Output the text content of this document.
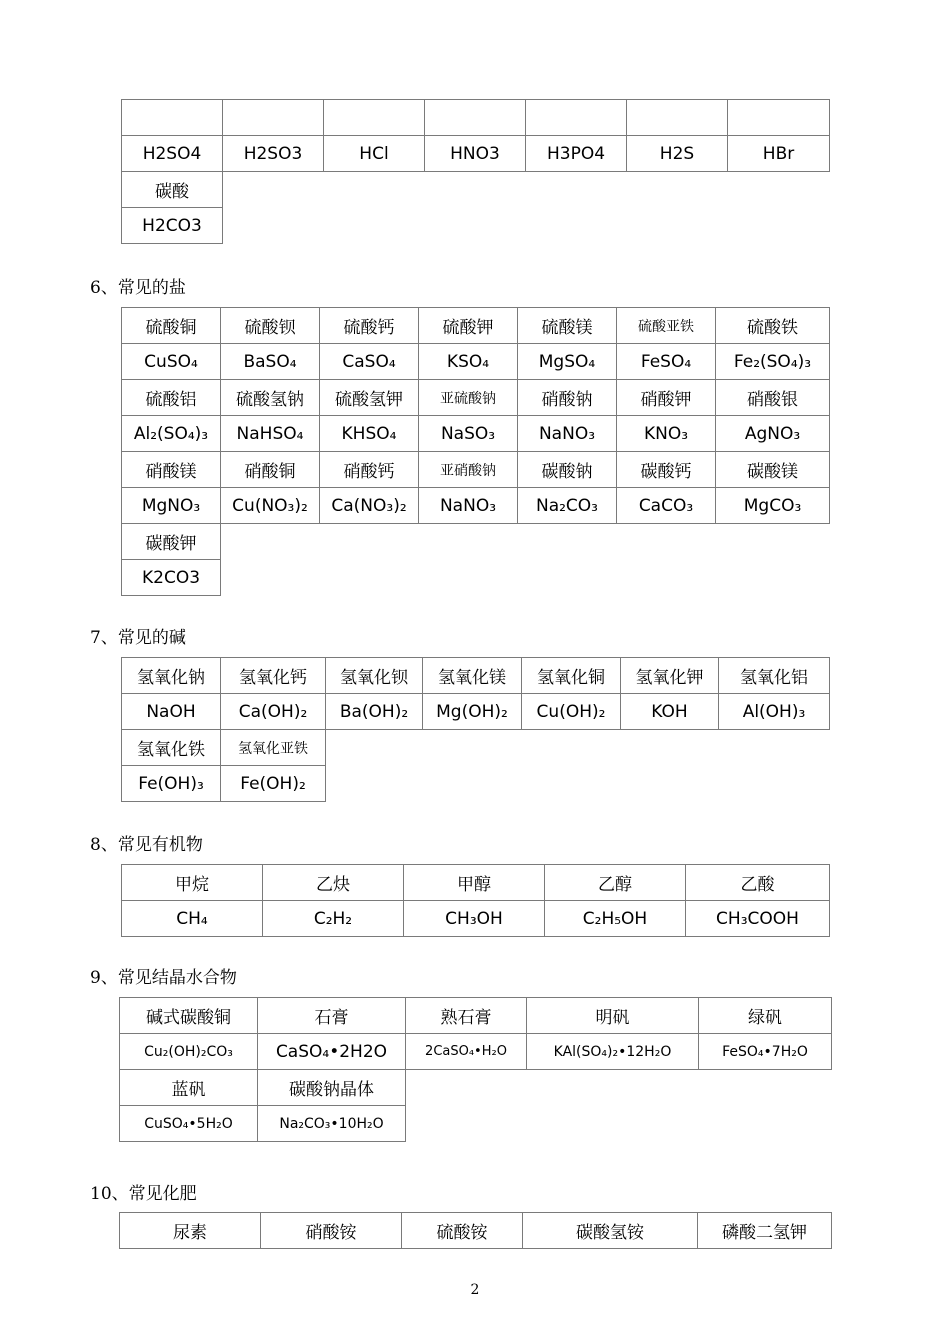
H2SO4	H2SO3	HCl	HNO3	H3PO4	H2S	HBr
碳酸						
H2CO3						
6、常见的盐
硫酸铜	硫酸钡	硫酸钙	硫酸钾	硫酸镁	硫酸亚铁	硫酸铁
CuSO₄	BaSO₄	CaSO₄	KSO₄	MgSO₄	FeSO₄	Fe₂(SO₄)₃
硫酸铝	硫酸氢钠	硫酸氢钾	亚硫酸钠	硝酸钠	硝酸钾	硝酸银
Al₂(SO₄)₃	NaHSO₄	KHSO₄	NaSO₃	NaNO₃	KNO₃	AgNO₃
硝酸镁	硝酸铜	硝酸钙	亚硝酸钠	碳酸钠	碳酸钙	碳酸镁
MgNO₃	Cu(NO₃)₂	Ca(NO₃)₂	NaNO₃	Na₂CO₃	CaCO₃	MgCO₃
碳酸钾						
K2CO3						
7、常见的碱
氢氧化钠	氢氧化钙	氢氧化钡	氢氧化镁	氢氧化铜	氢氧化钾	氢氧化铝
NaOH	Ca(OH)₂	Ba(OH)₂	Mg(OH)₂	Cu(OH)₂	KOH	Al(OH)₃
氢氧化铁	氢氧化亚铁					
Fe(OH)₃	Fe(OH)₂					
8、常见有机物
甲烷	乙炔	甲醇	乙醇	乙酸
CH₄	C₂H₂	CH₃OH	C₂H₅OH	CH₃COOH
9、常见结晶水合物
碱式碳酸铜	石膏	熟石膏	明矾	绿矾
Cu₂(OH)₂CO₃	CaSO₄•2H2O	2CaSO₄•H₂O	KAl(SO₄)₂•12H₂O	FeSO₄•7H₂O
蓝矾	碳酸钠晶体			
CuSO₄•5H₂O	Na₂CO₃•10H₂O			
10、常见化肥
尿素	硝酸铵	硫酸铵	碳酸氢铵	磷酸二氢钾
2
